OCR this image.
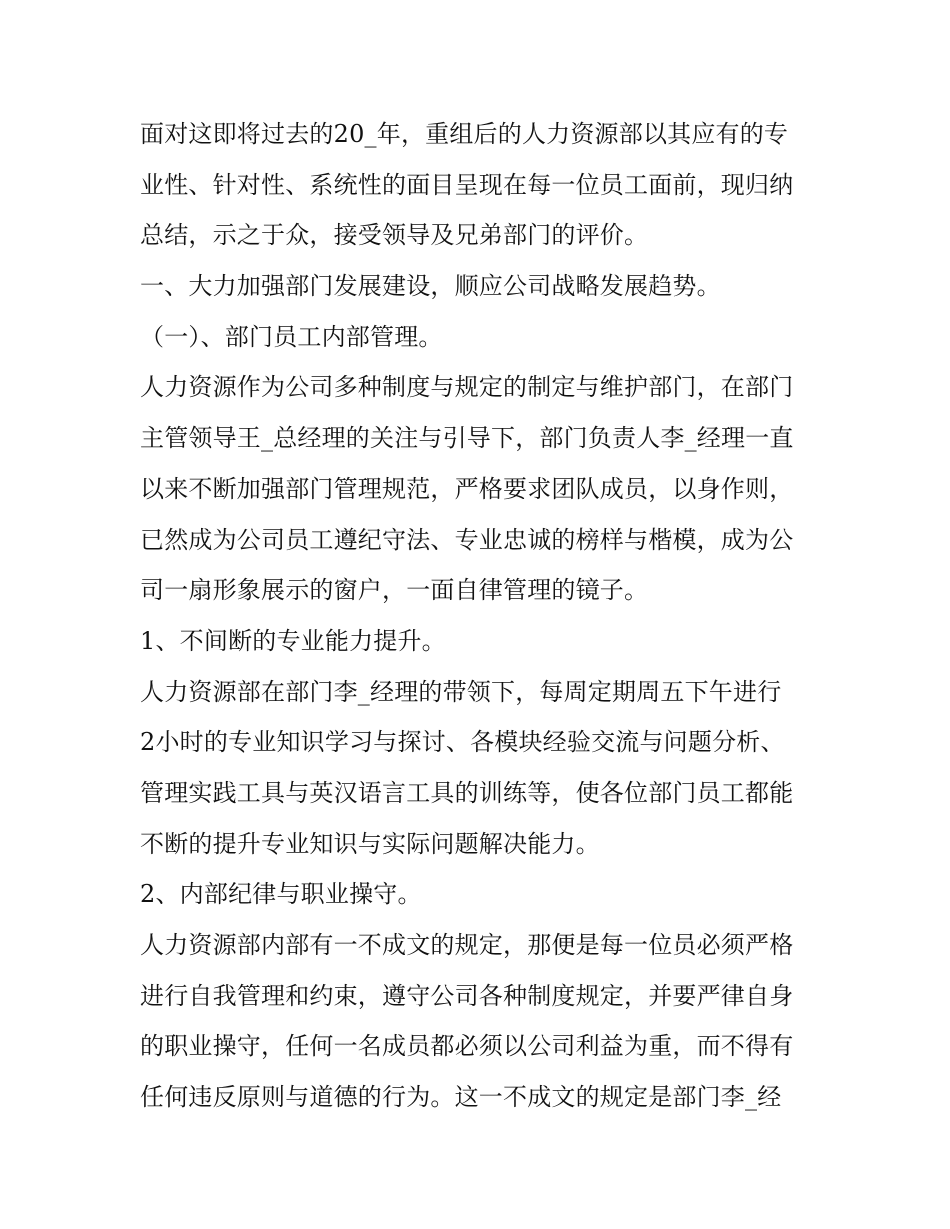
面对这即将过去的20_年，重组后的人力资源部以其应有的专
业性、针对性、系统性的面目呈现在每一位员工面前，现归纳
总结，示之于众，接受领导及兄弟部门的评价。
一、大力加强部门发展建设，顺应公司战略发展趋势。
（一）、部门员工内部管理。
人力资源作为公司多种制度与规定的制定与维护部门，在部门
主管领导王_总经理的关注与引导下，部门负责人李_经理一直
以来不断加强部门管理规范，严格要求团队成员，以身作则，
已然成为公司员工遵纪守法、专业忠诚的榜样与楷模，成为公
司一扇形象展示的窗户，一面自律管理的镜子。
1、不间断的专业能力提升。
人力资源部在部门李_经理的带领下，每周定期周五下午进行
2小时的专业知识学习与探讨、各模块经验交流与问题分析、
管理实践工具与英汉语言工具的训练等，使各位部门员工都能
不断的提升专业知识与实际问题解决能力。
2、内部纪律与职业操守。
人力资源部内部有一不成文的规定，那便是每一位员必须严格
进行自我管理和约束，遵守公司各种制度规定，并要严律自身
的职业操守，任何一名成员都必须以公司利益为重，而不得有
任何违反原则与道德的行为。这一不成文的规定是部门李_经
